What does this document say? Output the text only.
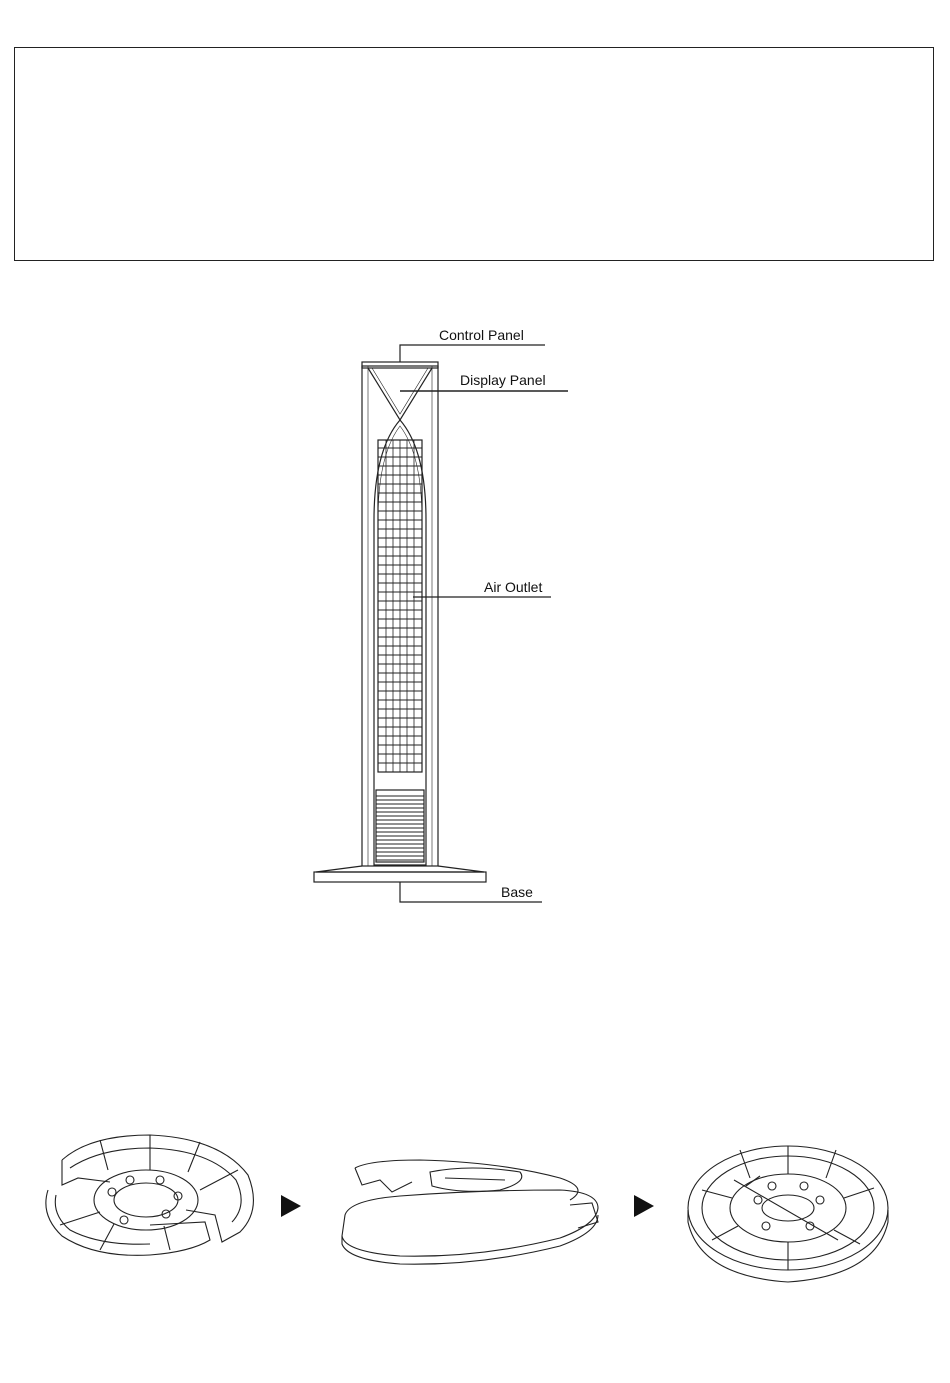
Control Panel
Display Panel
Air Outlet
Base
